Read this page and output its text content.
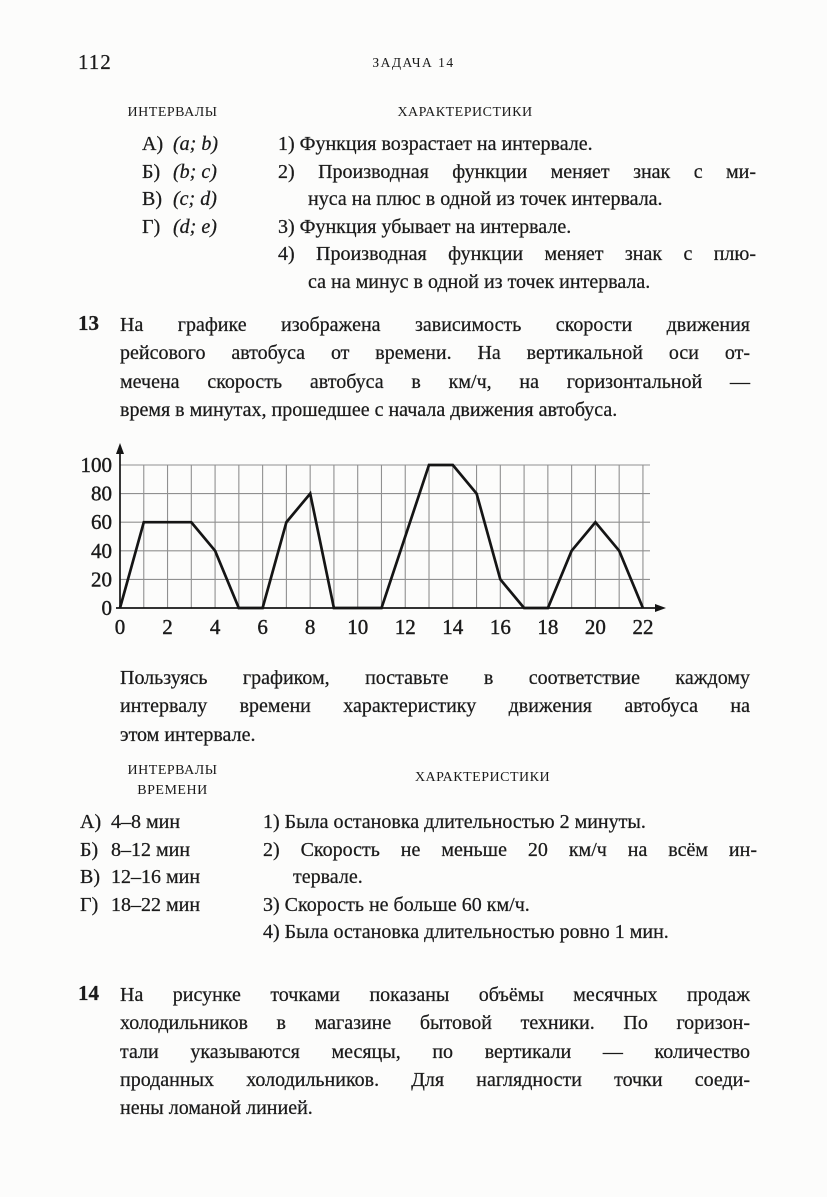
112	ЗАДАЧА 14
ИНТЕРВАЛЫ	ХАРАКТЕРИСТИКИ
А) (a; b)
Б) (b; c)
В) (c; d)
Г) (d; e)
1) Функция возрастает на интервале.
2) Производная функции меняет знак с ми-
нуса на плюс в одной из точек интервала.
3) Функция убывает на интервале.
4) Производная функции меняет знак с плю-
са на минус в одной из точек интервала.
13 На графике изображена зависимость скорости движения
рейсового автобуса от времени. На вертикальной оси от-
мечена скорость автобуса в км/ч, на горизонтальной —
время в минутах, прошедшее с начала движения автобуса.
0
20
40
60
80
100
0 2 4 6 8 10 12 14 16 18 20 22
Пользуясь графиком, поставьте в соответствие каждому
интервалу времени характеристику движения автобуса на
этом интервале.
ИНТЕРВАЛЫ
ВРЕМЕНИ
ХАРАКТЕРИСТИКИ
А) 4–8 мин
Б) 8–12 мин
В) 12–16 мин
Г) 18–22 мин
1) Была остановка длительностью 2 минуты.
2) Скорость не меньше 20 км/ч на всём ин-
тервале.
3) Скорость не больше 60 км/ч.
4) Была остановка длительностью ровно 1 мин.
14 На рисунке точками показаны объёмы месячных продаж
холодильников в магазине бытовой техники. По горизон-
тали указываются месяцы, по вертикали — количество
проданных холодильников. Для наглядности точки соеди-
нены ломаной линией.
